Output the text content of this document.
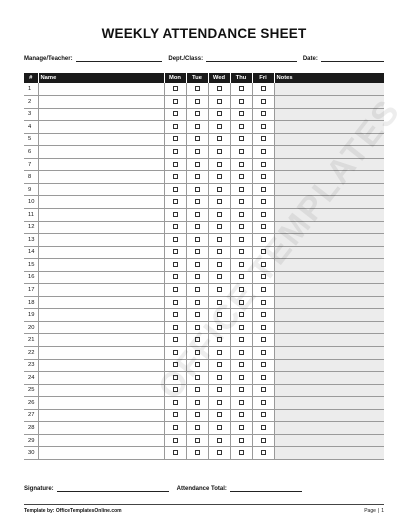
WEEKLY ATTENDANCE SHEET
Manage/Teacher:	Dept./Class:	Date:
#	Name	Mon	Tue	Wed	Thu	Fri	Notes
1							
2							
3							
4							
5							
6							
7							
8							
9							
10							
11							
12							
13							
14							
15							
16							
17							
18							
19							
20							
21							
22							
23							
24							
25							
26							
27							
28							
29							
30							
OFFICE
Signature:	Attendance Total:
Template by: OfficeTemplatesOnline.com	Page | 1
